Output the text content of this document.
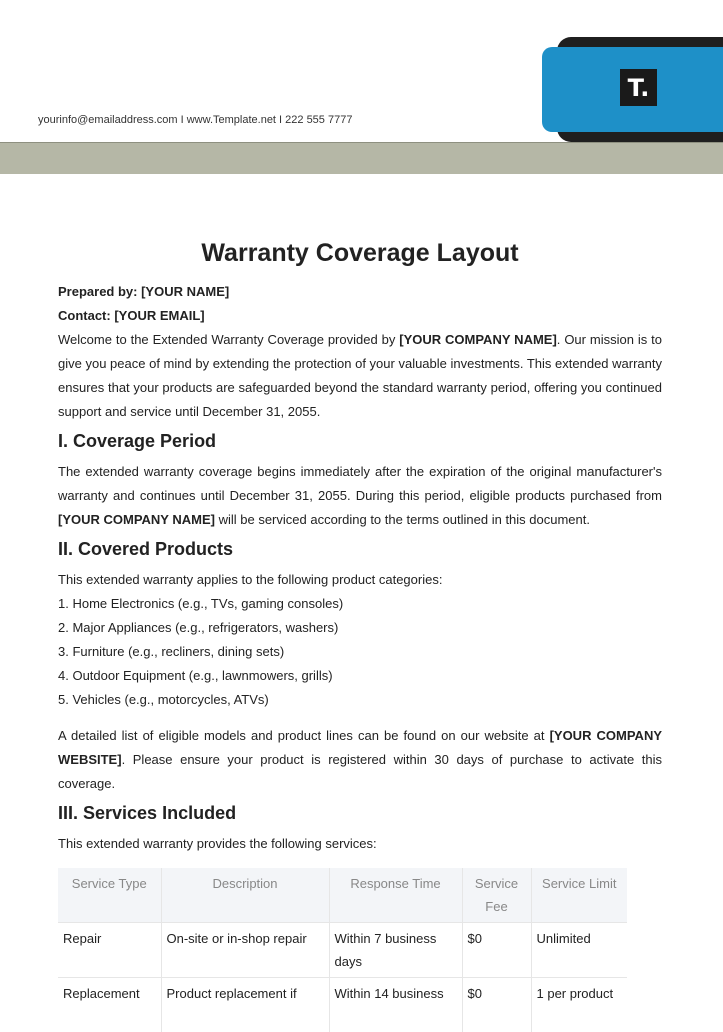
T.
yourinfo@emailaddress.com I www.Template.net I 222 555 7777
Warranty Coverage Layout
Prepared by: [YOUR NAME]
Contact: [YOUR EMAIL]

Welcome to the Extended Warranty Coverage provided by [YOUR COMPANY NAME]. Our mission is to give you peace of mind by extending the protection of your valuable investments. This extended warranty ensures that your products are safeguarded beyond the standard warranty period, offering you continued support and service until December 31, 2055.

I. Coverage Period

The extended warranty coverage begins immediately after the expiration of the original manufacturer's warranty and continues until December 31, 2055. During this period, eligible products purchased from [YOUR COMPANY NAME] will be serviced according to the terms outlined in this document.

II. Covered Products

This extended warranty applies to the following product categories:

1. Home Electronics (e.g., TVs, gaming consoles)
2. Major Appliances (e.g., refrigerators, washers)
3. Furniture (e.g., recliners, dining sets)
4. Outdoor Equipment (e.g., lawnmowers, grills)
5. Vehicles (e.g., motorcycles, ATVs)

A detailed list of eligible models and product lines can be found on our website at [YOUR COMPANY WEBSITE]. Please ensure your product is registered within 30 days of purchase to activate this coverage.

III. Services Included

This extended warranty provides the following services:

Service Type	Description	Response Time	Service Fee	Service Limit
Repair	On-site or in-shop repair	Within 7 business days	$0	Unlimited
Replacement	Product replacement if	Within 14 business	$0	1 per product
